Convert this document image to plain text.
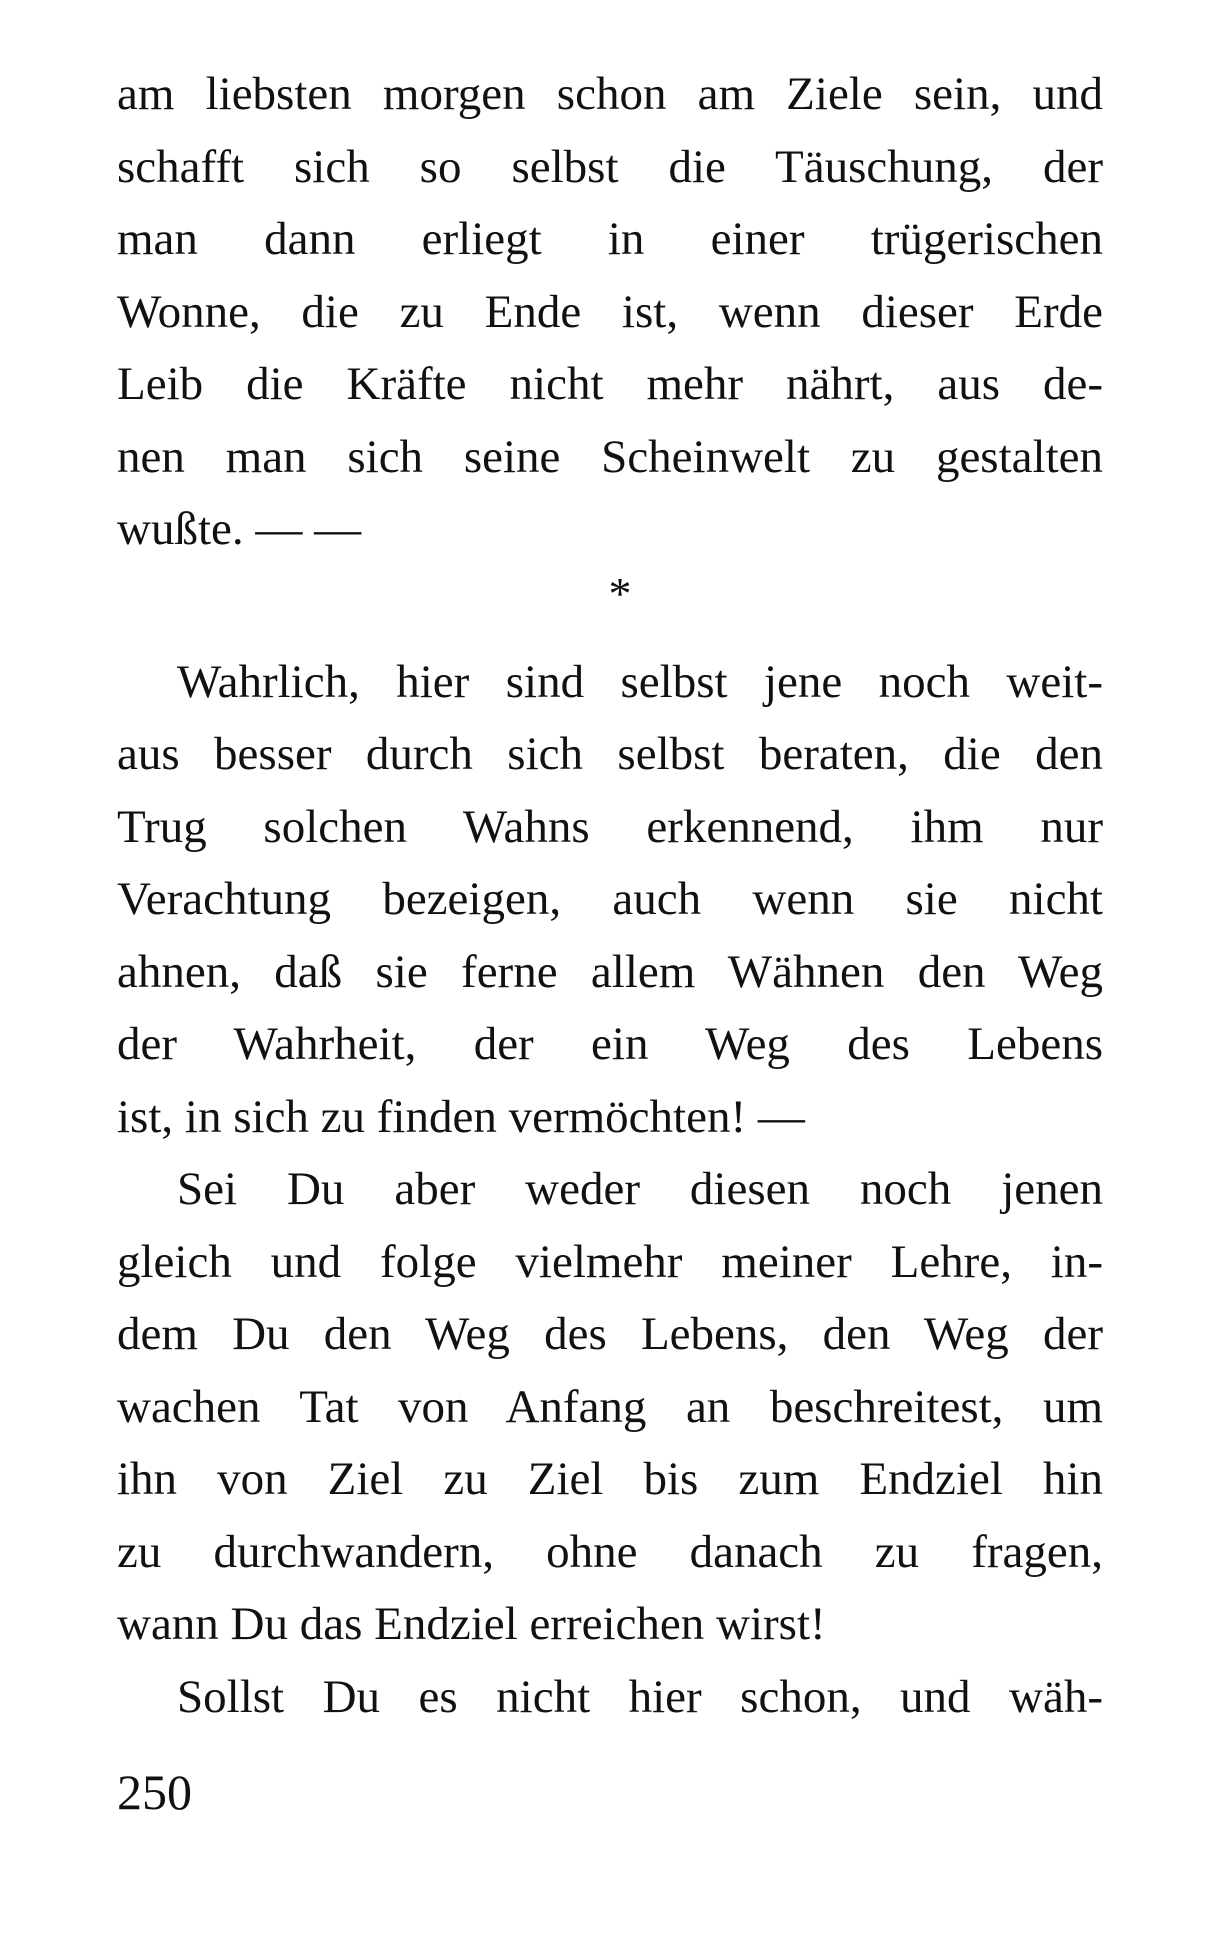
am liebsten morgen schon am Ziele sein, und
schafft sich so selbst die Täuschung, der
man dann erliegt in einer trügerischen
Wonne, die zu Ende ist, wenn dieser Erde
Leib die Kräfte nicht mehr nährt, aus de-
nen man sich seine Scheinwelt zu gestalten
wußte. — —
*
Wahrlich, hier sind selbst jene noch weit-
aus besser durch sich selbst beraten, die den
Trug solchen Wahns erkennend, ihm nur
Verachtung bezeigen, auch wenn sie nicht
ahnen, daß sie ferne allem Wähnen den Weg
der Wahrheit, der ein Weg des Lebens
ist, in sich zu finden vermöchten! —
Sei Du aber weder diesen noch jenen
gleich und folge vielmehr meiner Lehre, in-
dem Du den Weg des Lebens, den Weg der
wachen Tat von Anfang an beschreitest, um
ihn von Ziel zu Ziel bis zum Endziel hin
zu durchwandern, ohne danach zu fragen,
wann Du das Endziel erreichen wirst!
Sollst Du es nicht hier schon, und wäh-
250
